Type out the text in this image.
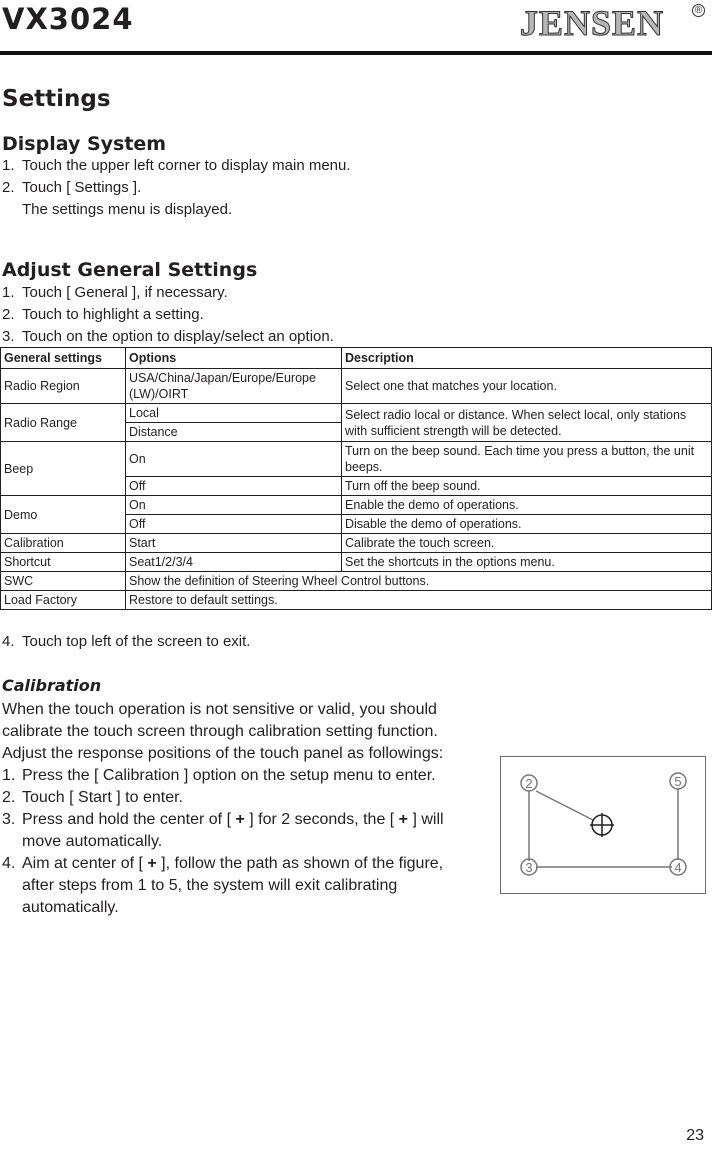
VX3024	JENSEN	®
Settings
Display System
1. Touch the upper left corner to display main menu.
2. Touch [ Settings ].
The settings menu is displayed.
Adjust General Settings
1. Touch [ General ], if necessary.
2. Touch to highlight a setting.
3. Touch on the option to display/select an option.
General settings	Options	Description
Radio Region	USA/China/Japan/Europe/Europe (LW)/OIRT	Select one that matches your location.
Radio Range	Local	Select radio local or distance. When select local, only stations with sufficient strength will be detected.
	Distance	
Beep	On	Turn on the beep sound. Each time you press a button, the unit beeps.
	Off	Turn off the beep sound.
Demo	On	Enable the demo of operations.
	Off	Disable the demo of operations.
Calibration	Start	Calibrate the touch screen.
Shortcut	Seat1/2/3/4	Set the shortcuts in the options menu.
SWC	Show the definition of Steering Wheel Control buttons.	
Load Factory	Restore to default settings.	
4. Touch top left of the screen to exit.
Calibration
When the touch operation is not sensitive or valid, you should calibrate the touch screen through calibration setting function. Adjust the response positions of the touch panel as followings:
1. Press the [ Calibration ] option on the setup menu to enter.
2. Touch [ Start ] to enter.
3. Press and hold the center of [ + ] for 2 seconds, the [ + ] will move automatically.
4. Aim at center of [ + ], follow the path as shown of the figure, after steps from 1 to 5, the system will exit calibrating automatically.
2
3	4
5
23
